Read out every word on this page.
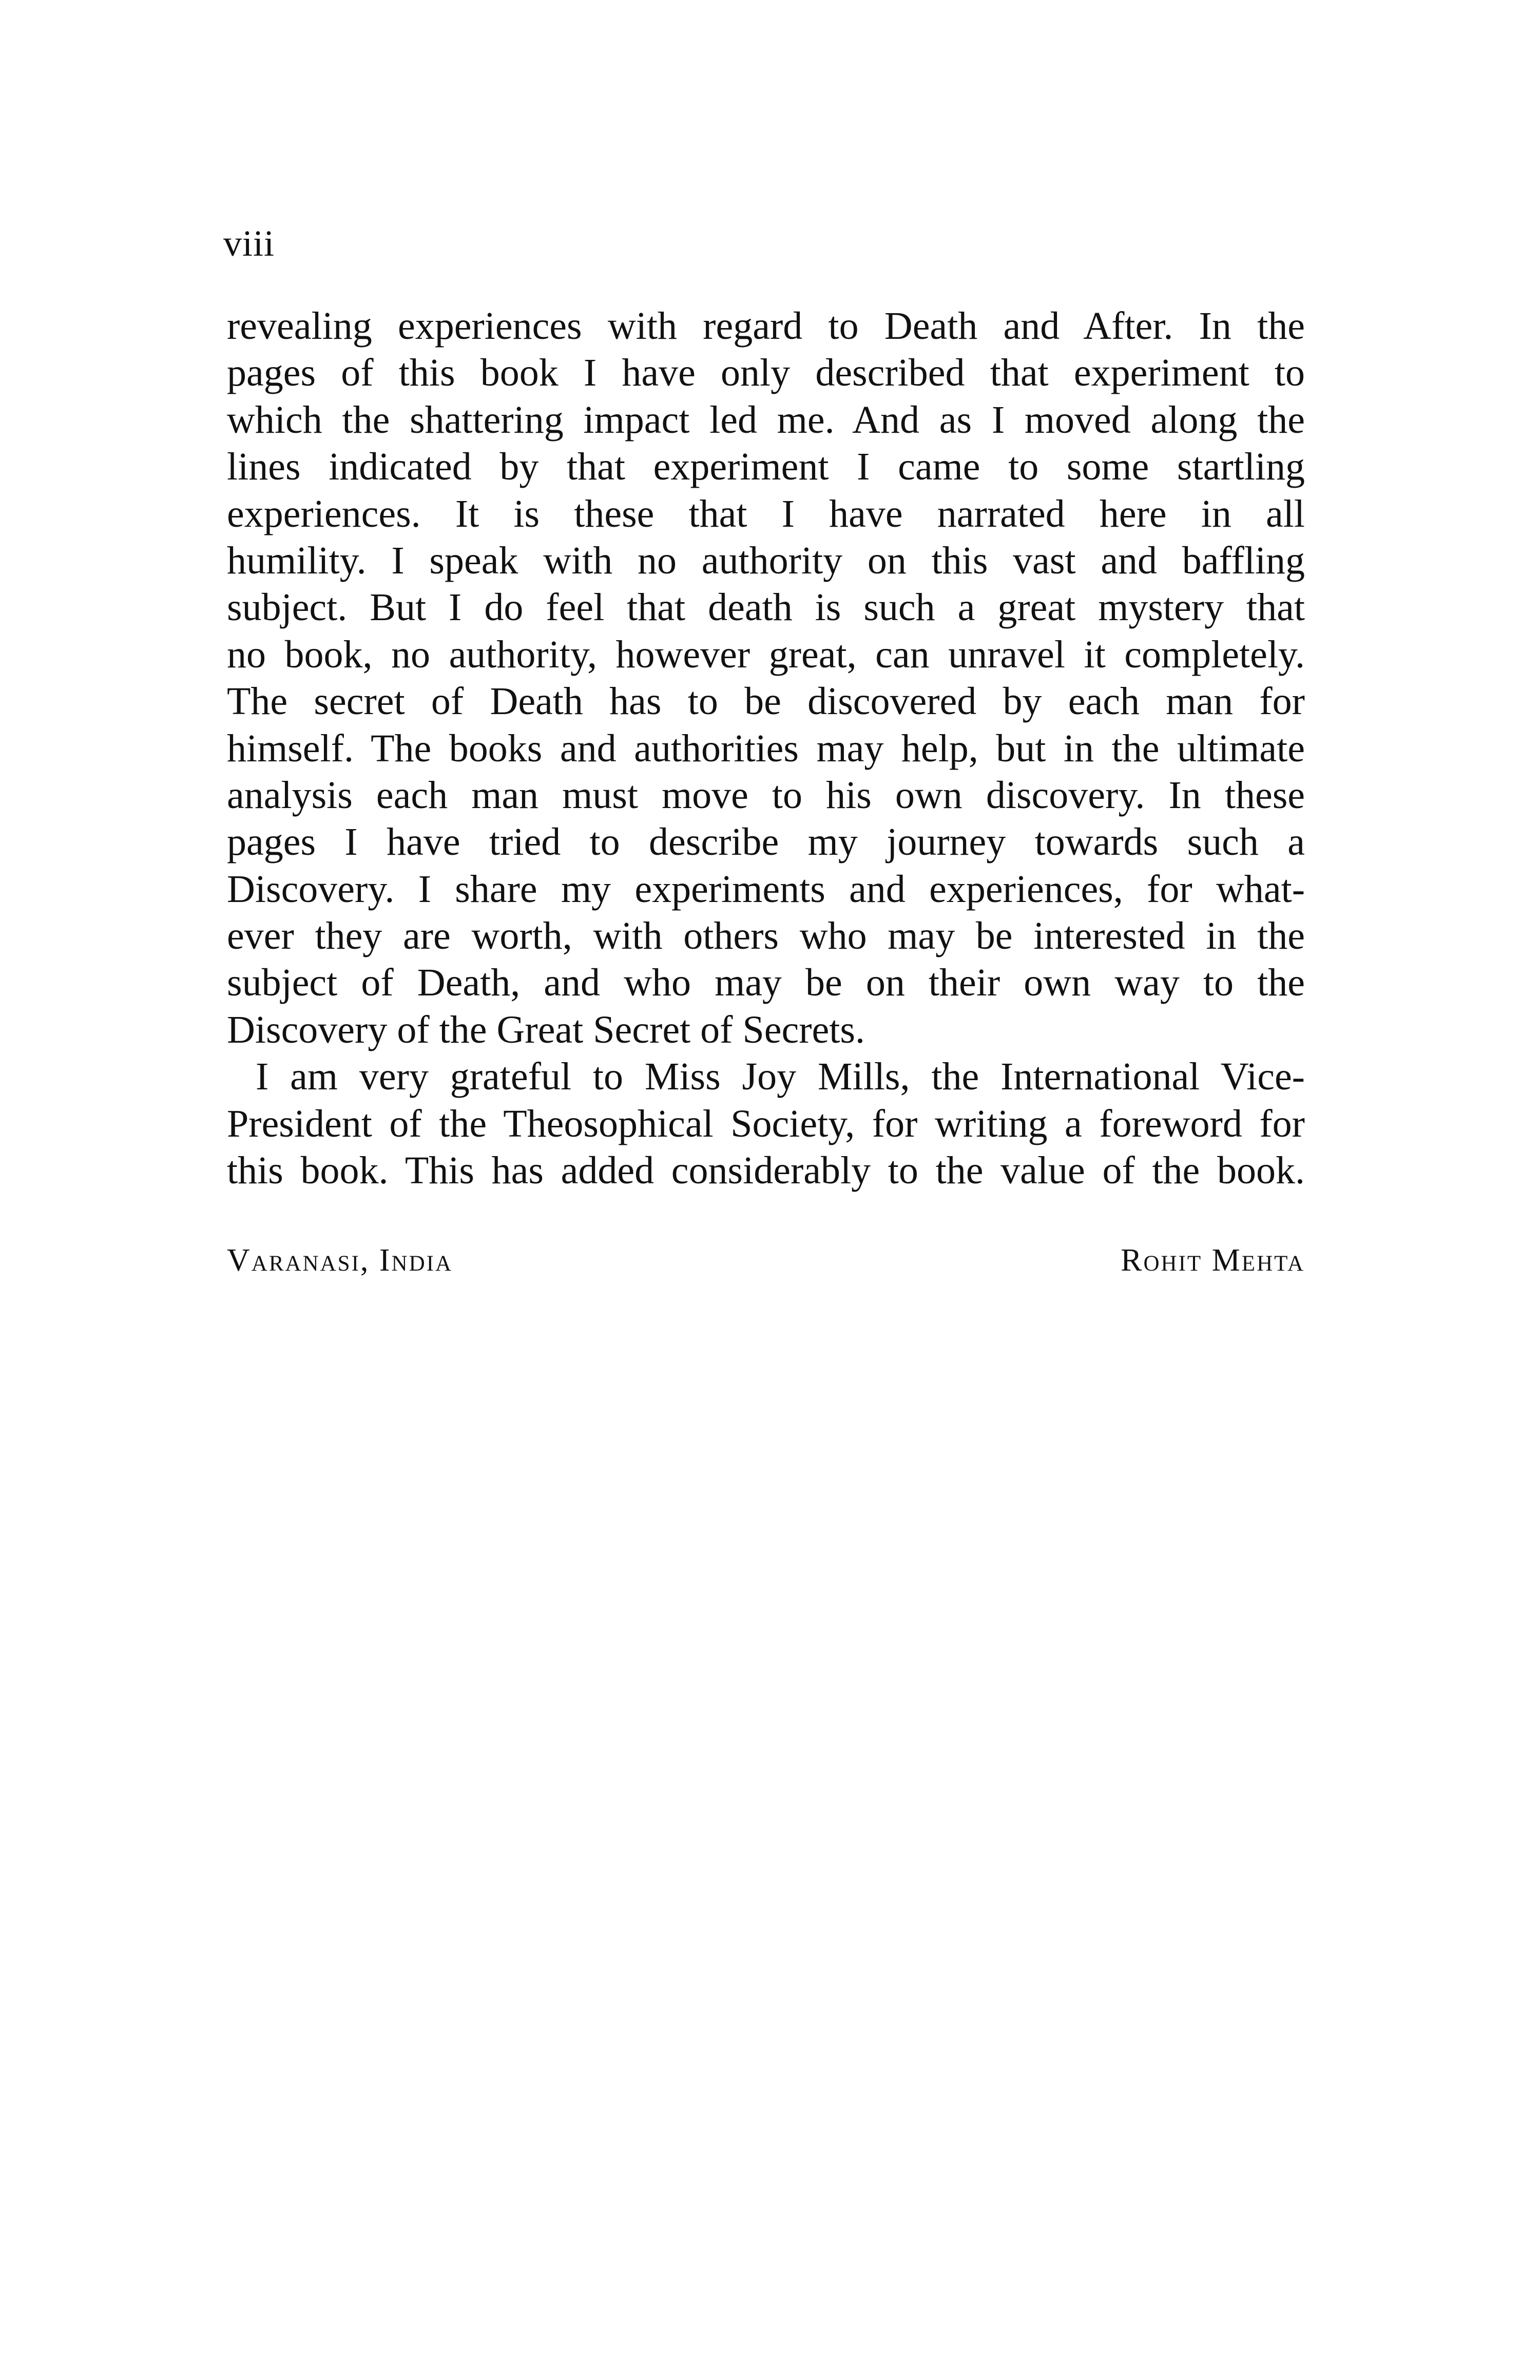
viii
revealing experiences with regard to Death and After. In the
pages of this book I have only described that experiment to
which the shattering impact led me. And as I moved along the
lines indicated by that experiment I came to some startling
experiences. It is these that I have narrated here in all
humility. I speak with no authority on this vast and baffling
subject. But I do feel that death is such a great mystery that
no book, no authority, however great, can unravel it completely.
The secret of Death has to be discovered by each man for
himself. The books and authorities may help, but in the ultimate
analysis each man must move to his own discovery. In these
pages I have tried to describe my journey towards such a
Discovery. I share my experiments and experiences, for what-
ever they are worth, with others who may be interested in the
subject of Death, and who may be on their own way to the
Discovery of the Great Secret of Secrets.
I am very grateful to Miss Joy Mills, the International Vice-
President of the Theosophical Society, for writing a foreword for
this book. This has added considerably to the value of the book.
Varanasi, India	Rohit Mehta
